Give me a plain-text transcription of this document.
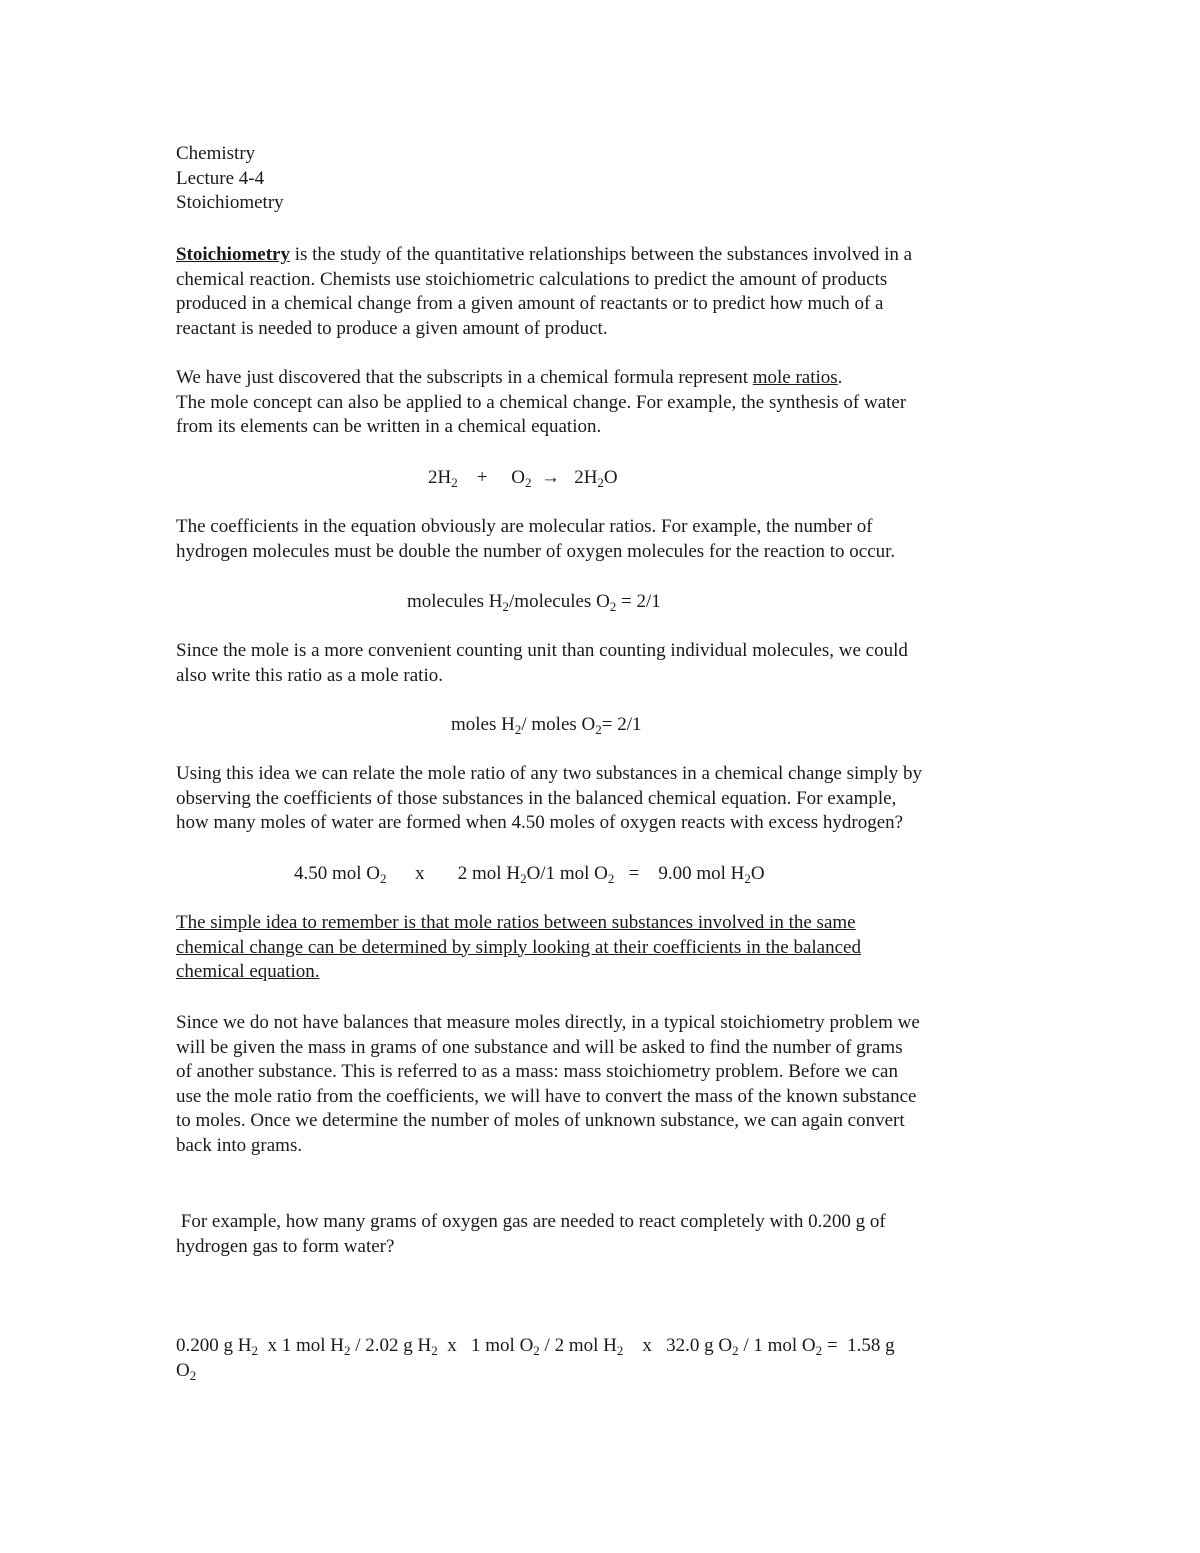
Chemistry
Lecture 4-4
Stoichiometry
Stoichiometry is the study of the quantitative relationships between the substances involved in a
chemical reaction. Chemists use stoichiometric calculations to predict the amount of products
produced in a chemical change from a given amount of reactants or to predict how much of a
reactant is needed to produce a given amount of product.
We have just discovered that the subscripts in a chemical formula represent mole ratios.
The mole concept can also be applied to a chemical change. For example, the synthesis of water
from its elements can be written in a chemical equation.
$2H_2 + O_2 \to 2H_2O$
The coefficients in the equation obviously are molecular ratios. For example, the number of
hydrogen molecules must be double the number of oxygen molecules for the reaction to occur.
molecules $H_2$/molecules $O_2 = 2/1$
Since the mole is a more convenient counting unit than counting individual molecules, we could
also write this ratio as a mole ratio.
moles $H_2/$ moles $O_2= 2/1$
Using this idea we can relate the mole ratio of any two substances in a chemical change simply by
observing the coefficients of those substances in the balanced chemical equation. For example,
how many moles of water are formed when 4.50 moles of oxygen reacts with excess hydrogen?
4.50 mol $O_2$ x 2 mol $H_2O/1$ mol $O_2 = 9.00$ mol $H_2O$
The simple idea to remember is that mole ratios between substances involved in the same
chemical change can be determined by simply looking at their coefficients in the balanced
chemical equation.
Since we do not have balances that measure moles directly, in a typical stoichiometry problem we
will be given the mass in grams of one substance and will be asked to find the number of grams
of another substance. This is referred to as a mass: mass stoichiometry problem. Before we can
use the mole ratio from the coefficients, we will have to convert the mass of the known substance
to moles. Once we determine the number of moles of unknown substance, we can again convert
back into grams.
For example, how many grams of oxygen gas are needed to react completely with 0.200 g of
hydrogen gas to form water?
0.200 g $H_2$  x 1 mol $H_2 / 2.02$ g $H_2$  x   1 mol $O_2 / 2$ mol $H_2$    x   32.0 g $O_2 / 1$ mol $O_2 = 1.58$ g
$O_2$
